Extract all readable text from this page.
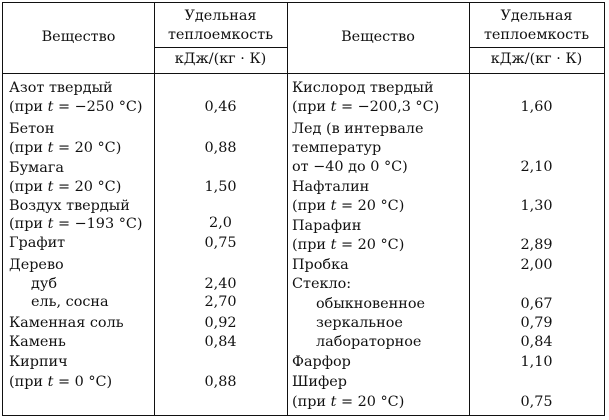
Вещество
Удельная
теплоемкость
кДж/(кг · К)
Вещество
Удельная
теплоемкость
кДж/(кг · К)
Азот твердый
(при t = −250 °С)	0,46
Бетон
(при t = 20 °С)	0,88
Бумага
(при t = 20 °С)	1,50
Воздух твердый
(при t = −193 °С)	2,0
Графит	0,75
Дерево
дуб	2,40
ель, сосна	2,70
Каменная соль	0,92
Камень	0,84
Кирпич
(при t = 0 °С)	0,88
Кислород твердый
(при t = −200,3 °С)	1,60
Лед (в интервале
температур
от −40 до 0 °С)	2,10
Нафталин
(при t = 20 °С)	1,30
Парафин
(при t = 20 °С)	2,89
Пробка	2,00
Стекло:
обыкновенное	0,67
зеркальное	0,79
лабораторное	0,84
Фарфор	1,10
Шифер
(при t = 20 °С)	0,75
